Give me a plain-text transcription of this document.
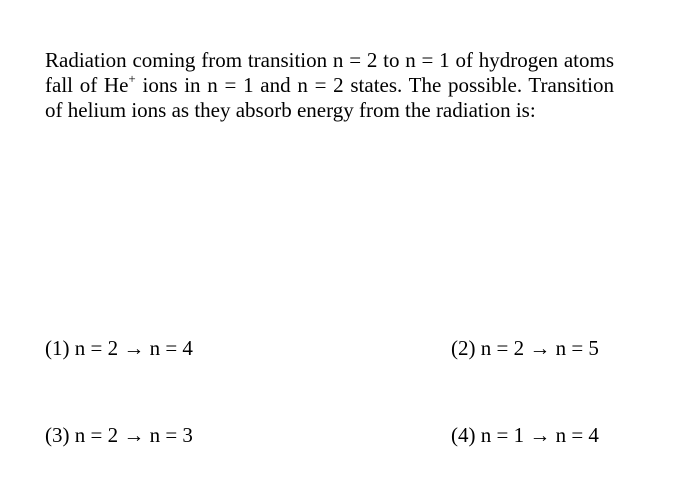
Radiation coming from transition n = 2 to n = 1 of hydrogen atoms fall of He+ ions in n = 1 and n = 2 states. The possible. Transition of helium ions as they absorb energy from the radiation is:
(1) n = 2 → n = 4	(2) n = 2 → n = 5
(3) n = 2 → n = 3	(4) n = 1 → n = 4
